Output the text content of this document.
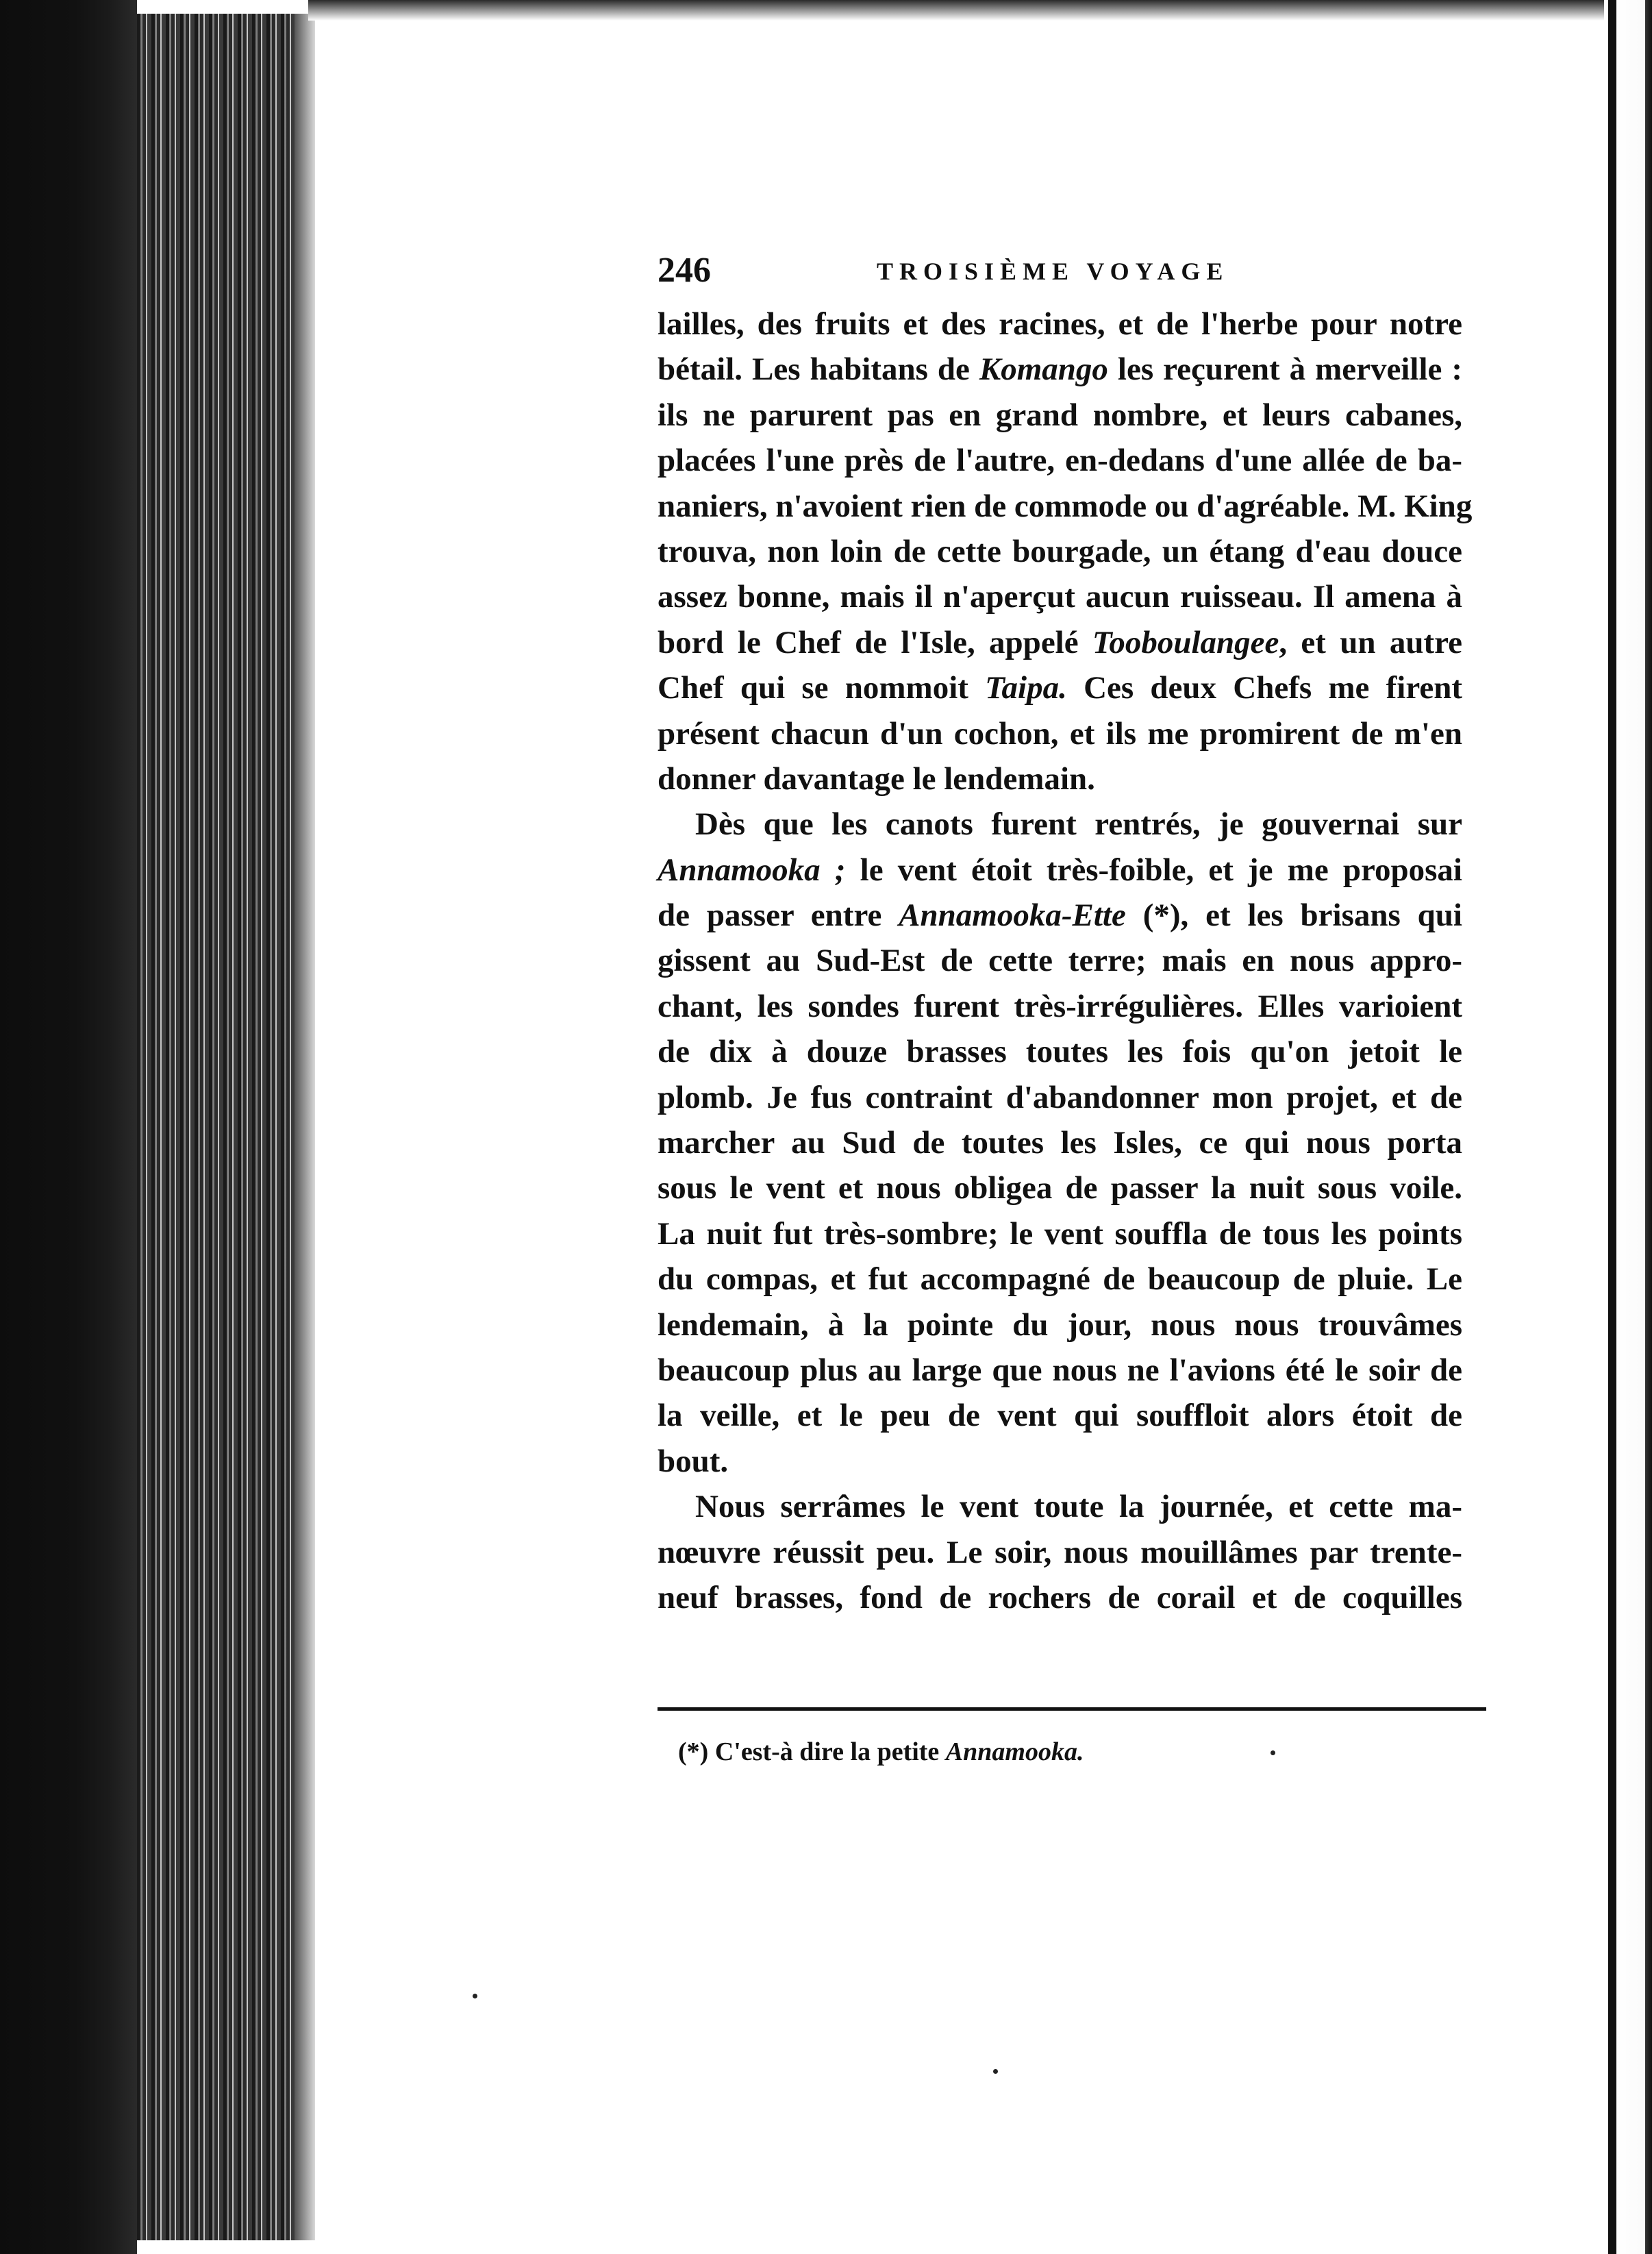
246	TROISIÈME VOYAGE
lailles, des fruits et des racines, et de l'herbe pour notre
bétail. Les habitans de Komango les reçurent à merveille :
ils ne parurent pas en grand nombre, et leurs cabanes,
placées l'une près de l'autre, en-dedans d'une allée de ba-
naniers, n'avoient rien de commode ou d'agréable. M. King
trouva, non loin de cette bourgade, un étang d'eau douce
assez bonne, mais il n'aperçut aucun ruisseau. Il amena à
bord le Chef de l'Isle, appelé Tooboulangee, et un autre
Chef qui se nommoit Taipa. Ces deux Chefs me firent
présent chacun d'un cochon, et ils me promirent de m'en
donner davantage le lendemain.
Dès que les canots furent rentrés, je gouvernai sur
Annamooka ; le vent étoit très-foible, et je me proposai
de passer entre Annamooka-Ette (*), et les brisans qui
gissent au Sud-Est de cette terre; mais en nous appro-
chant, les sondes furent très-irrégulières. Elles varioient
de dix à douze brasses toutes les fois qu'on jetoit le
plomb. Je fus contraint d'abandonner mon projet, et de
marcher au Sud de toutes les Isles, ce qui nous porta
sous le vent et nous obligea de passer la nuit sous voile.
La nuit fut très-sombre; le vent souffla de tous les points
du compas, et fut accompagné de beaucoup de pluie. Le
lendemain, à la pointe du jour, nous nous trouvâmes
beaucoup plus au large que nous ne l'avions été le soir de
la veille, et le peu de vent qui souffloit alors étoit de
bout.
Nous serrâmes le vent toute la journée, et cette ma-
nœuvre réussit peu. Le soir, nous mouillâmes par trente-
neuf brasses, fond de rochers de corail et de coquilles
(*) C'est-à dire la petite Annamooka.
